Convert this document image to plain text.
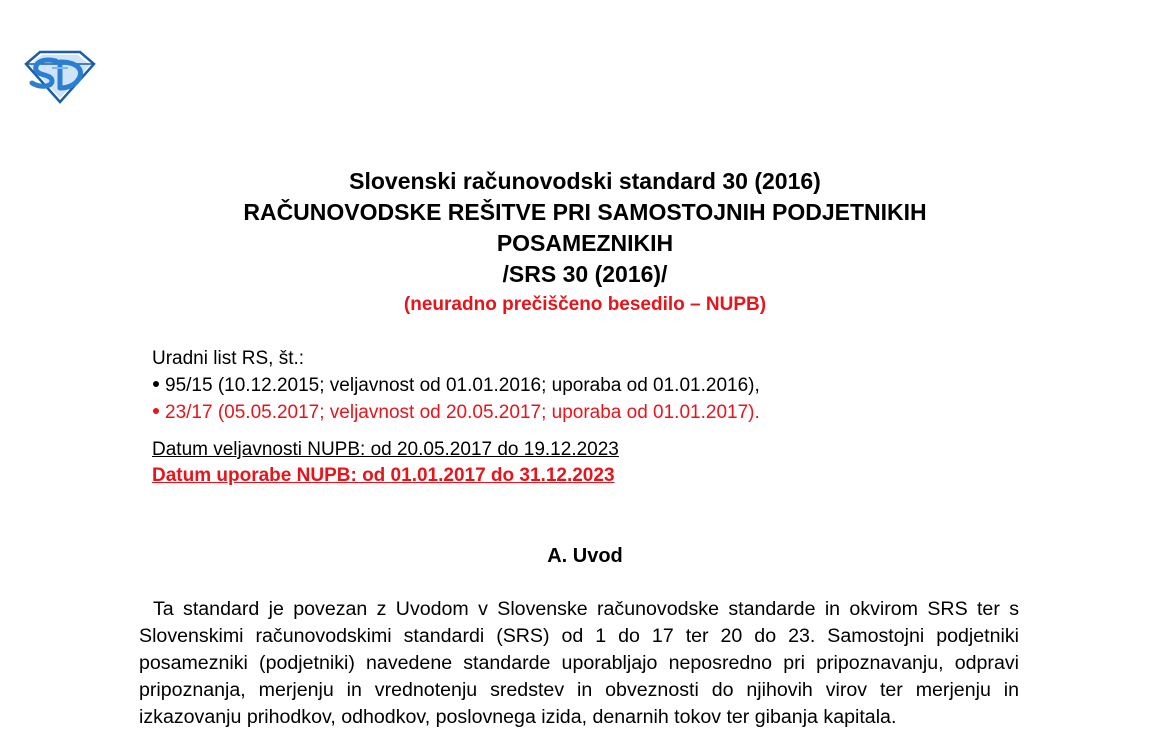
Slovenski računovodski standard 30 (2016)
RAČUNOVODSKE REŠITVE PRI SAMOSTOJNIH PODJETNIKIH
POSAMEZNIKIH
/SRS 30 (2016)/
(neuradno prečiščeno besedilo – NUPB)
Uradni list RS, št.:
95/15 (10.12.2015; veljavnost od 01.01.2016; uporaba od 01.01.2016),
23/17 (05.05.2017; veljavnost od 20.05.2017; uporaba od 01.01.2017).
Datum veljavnosti NUPB: od 20.05.2017 do 19.12.2023
Datum uporabe NUPB: od 01.01.2017 do 31.12.2023
A. Uvod
Ta standard je povezan z Uvodom v Slovenske računovodske standarde in okvirom SRS ter s Slovenskimi računovodskimi standardi (SRS) od 1 do 17 ter 20 do 23. Samostojni podjetniki posamezniki (podjetniki) navedene standarde uporabljajo neposredno pri pripoznavanju, odpravi pripoznanja, merjenju in vrednotenju sredstev in obveznosti do njihovih virov ter merjenju in izkazovanju prihodkov, odhodkov, poslovnega izida, denarnih tokov ter gibanja kapitala.
